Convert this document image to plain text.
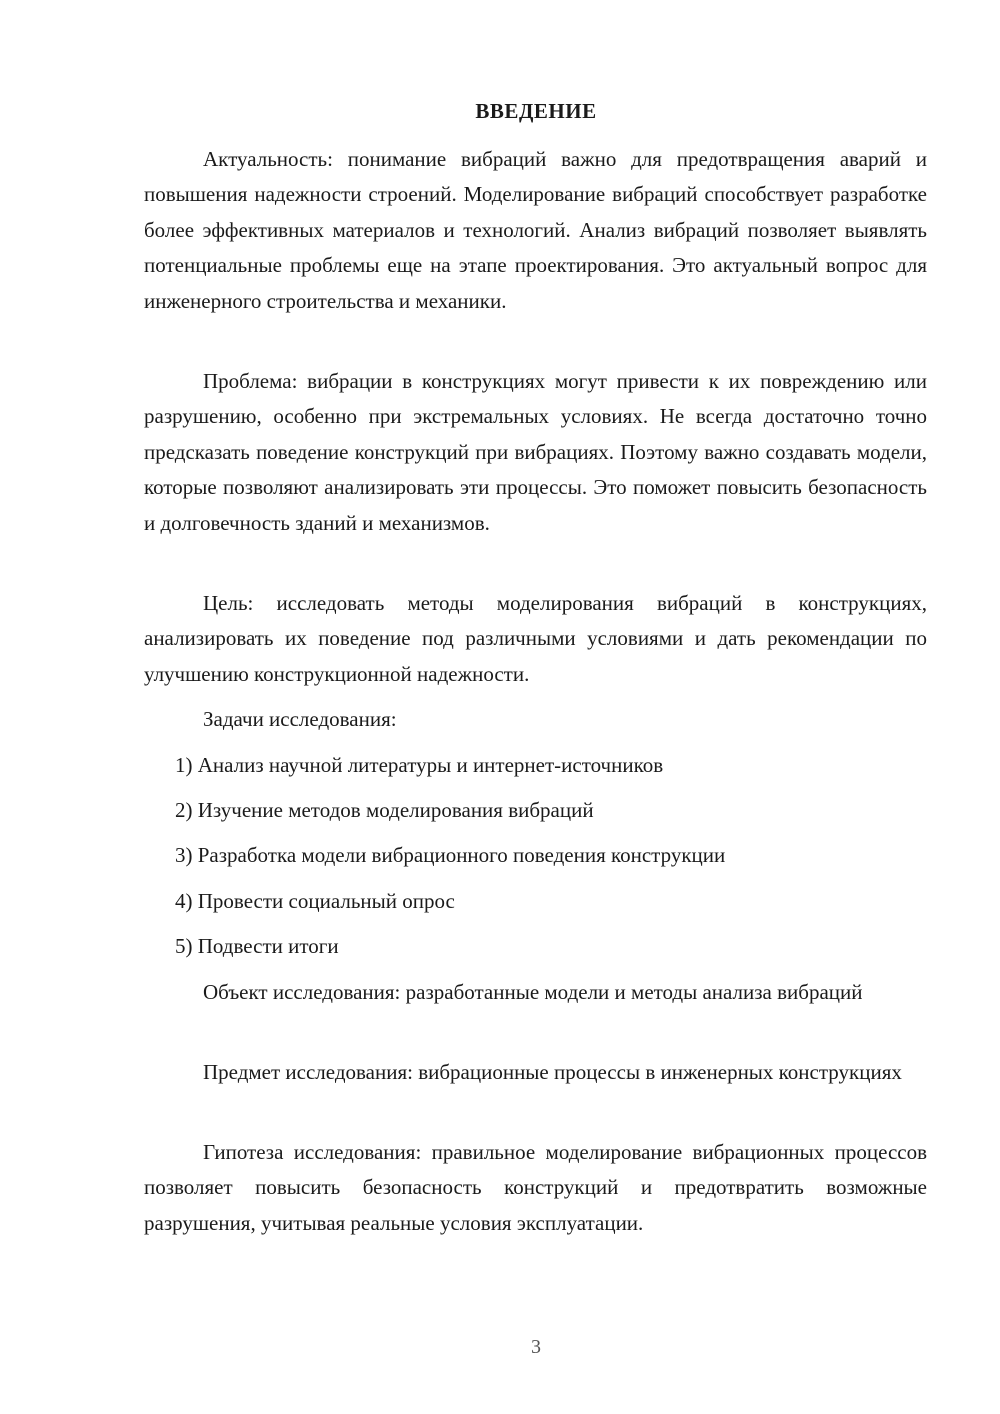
ВВЕДЕНИЕ

Актуальность: понимание вибраций важно для предотвращения аварий и повышения надежности строений. Моделирование вибраций способствует разработке более эффективных материалов и технологий. Анализ вибраций позволяет выявлять потенциальные проблемы еще на этапе проектирования. Это актуальный вопрос для инженерного строительства и механики.

Проблема: вибрации в конструкциях могут привести к их повреждению или разрушению, особенно при экстремальных условиях. Не всегда достаточно точно предсказать поведение конструкций при вибрациях. Поэтому важно создавать модели, которые позволяют анализировать эти процессы. Это поможет повысить безопасность и долговечность зданий и механизмов.

Цель: исследовать методы моделирования вибраций в конструкциях, анализировать их поведение под различными условиями и дать рекомендации по улучшению конструкционной надежности.

Задачи исследования:

1) Анализ научной литературы и интернет-источников

2) Изучение методов моделирования вибраций

3) Разработка модели вибрационного поведения конструкции

4) Провести социальный опрос

5) Подвести итоги

Объект исследования: разработанные модели и методы анализа вибраций

Предмет исследования: вибрационные процессы в инженерных конструкциях

Гипотеза исследования: правильное моделирование вибрационных процессов позволяет повысить безопасность конструкций и предотвратить возможные разрушения, учитывая реальные условия эксплуатации.

3
